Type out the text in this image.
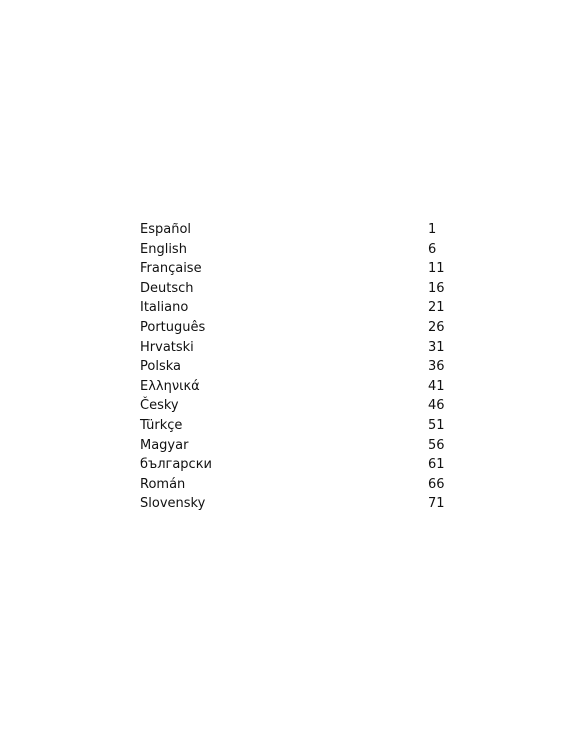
Español	1
English	6
Française	11
Deutsch	16
Italiano	21
Português	26
Hrvatski	31
Polska	36
Ελληνικά	41
Česky	46
Türkçe	51
Magyar	56
български	61
Román	66
Slovensky	71
